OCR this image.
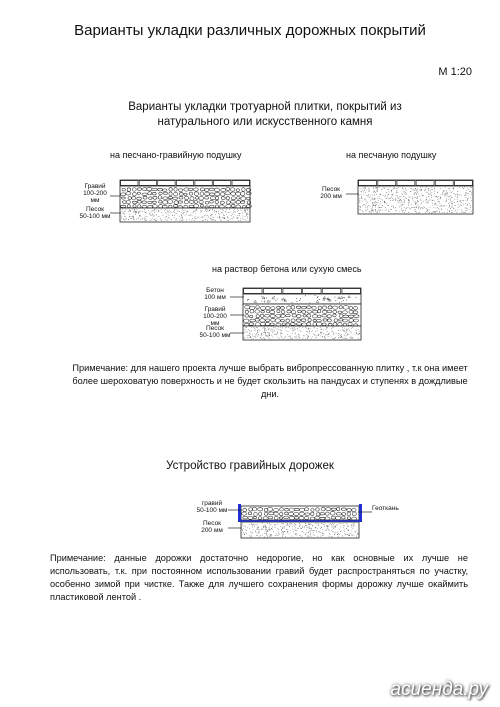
Варианты укладки различных дорожных покрытий
М 1:20
Варианты укладки тротуарной плитки, покрытий из натурального или искусственного камня
на песчано-гравийную подушку
Гравий
100-200 мм
Песок
50-100 мм
на песчаную подушку
Песок
200 мм
на раствор бетона или сухую смесь
Бетон
100 мм
Гравий
100-200 мм
Песок
50-100 мм
Примечание: для нашего проекта лучше выбрать вибропрессованную плитку , т.к она имеет более шероховатую поверхность и не будет скользить на пандусах и ступенях в дождливые дни.
Устройство гравийных дорожек
гравий
50-100 мм
Песок
200 мм
Геоткань
Примечание: данные дорожки достаточно недорогие, но как основные их лучше не использовать, т.к. при постоянном использовании гравий будет распространяться по участку, особенно зимой при чистке. Также для лучшего сохранения формы дорожку лучше окаймить пластиковой лентой .
асиенда.ру
